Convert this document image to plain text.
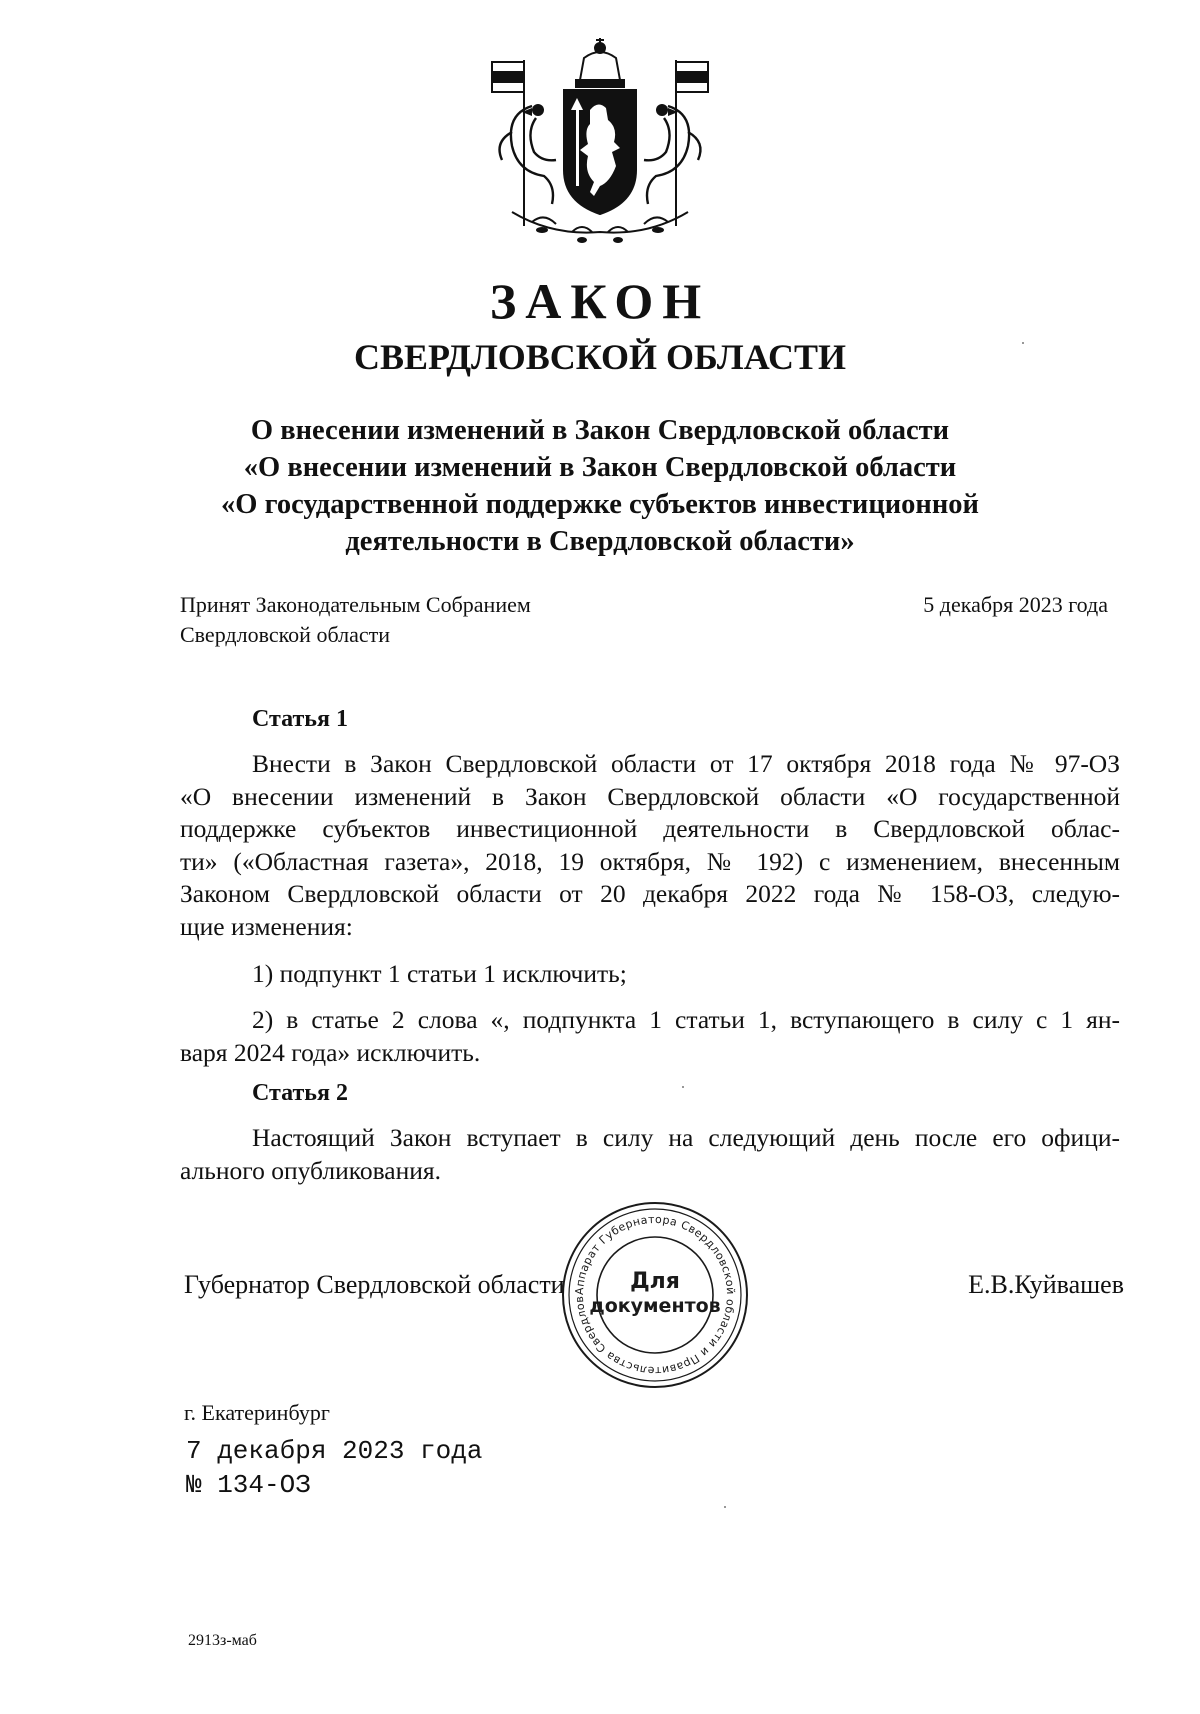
ЗАКОН
СВЕРДЛОВСКОЙ ОБЛАСТИ
О внесении изменений в Закон Свердловской области
«О внесении изменений в Закон Свердловской области
«О государственной поддержке субъектов инвестиционной
деятельности в Свердловской области»
Принят Законодательным Собранием
Свердловской области
5 декабря 2023 года
Статья 1
Внести в Закон Свердловской области от 17 октября 2018 года № 97-ОЗ
«О внесении изменений в Закон Свердловской области «О государственной
поддержке субъектов инвестиционной деятельности в Свердловской облас-
ти» («Областная газета», 2018, 19 октября, № 192) с изменением, внесенным
Законом Свердловской области от 20 декабря 2022 года № 158-ОЗ, следую-
щие изменения:
1) подпункт 1 статьи 1 исключить;
2) в статье 2 слова «, подпункта 1 статьи 1, вступающего в силу с 1 ян-
варя 2024 года» исключить.
Статья 2
Настоящий Закон вступает в силу на следующий день после его офици-
ального опубликования.
Губернатор Свердловской области	Е.В.Куйвашев
Аппарат Губернатора Свердловской области и Правительства Свердлов
Для
документов
г. Екатеринбург
7 декабря 2023 года
№ 134-ОЗ
2913з-маб
